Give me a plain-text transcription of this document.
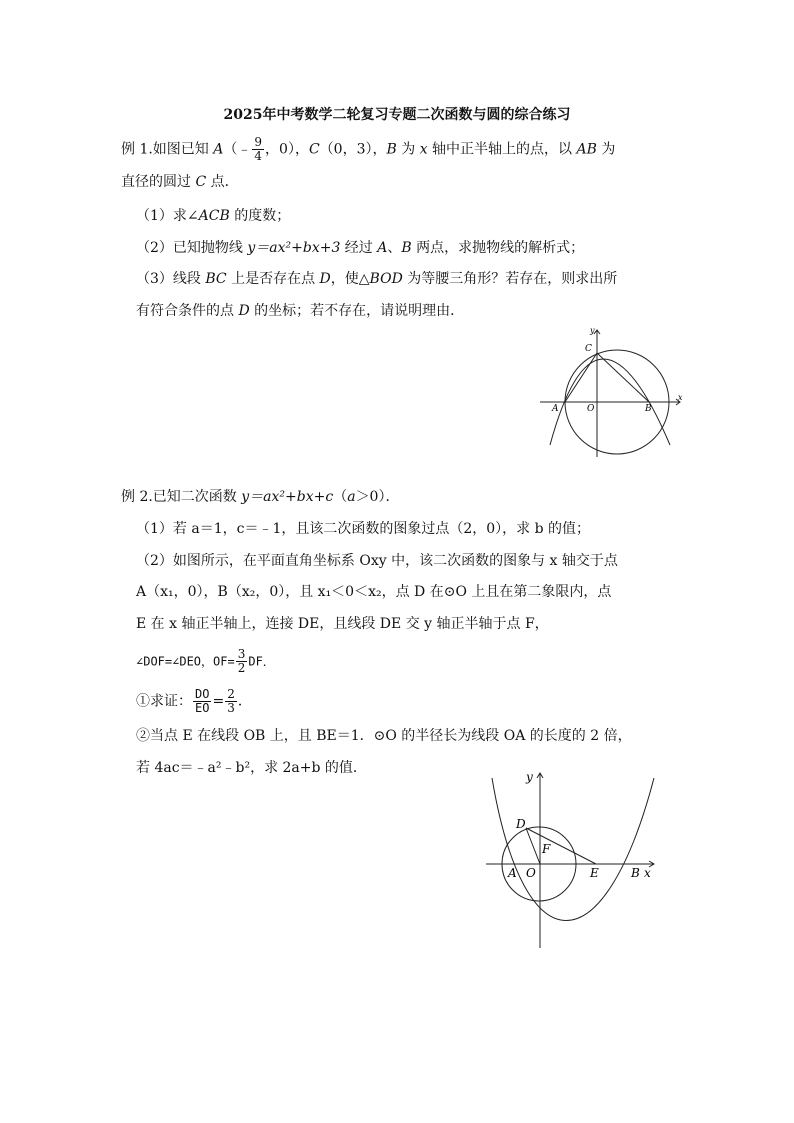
2025年中考数学二轮复习专题二次函数与圆的综合练习
例 1.如图已知 A（﹣ $\frac{9}{4}$ ，0），C（0，3），B 为 x 轴中正半轴上的点，以 AB 为
直径的圆过 C 点．
（1）求∠ACB 的度数；
（2）已知抛物线 y＝ax²+bx+3 经过 A、B 两点，求抛物线的解析式；
（3）线段 BC 上是否存在点 D，使△BOD 为等腰三角形？若存在，则求出所
有符合条件的点 D 的坐标；若不存在，请说明理由．
A	O	B
C
x
y
例 2.已知二次函数 y＝ax²+bx+c（a＞0）．
（1）若 a＝1，c＝﹣1，且该二次函数的图象过点（2，0），求 b 的值；
（2）如图所示，在平面直角坐标系 Oxy 中，该二次函数的图象与 x 轴交于点
A（x₁，0），B（x₂，0），且 x₁＜0＜x₂，点 D 在⊙O 上且在第二象限内，点
E 在 x 轴正半轴上，连接 DE，且线段 DE 交 y 轴正半轴于点 F，
∠DOF=∠DEO，$OF= \frac{3}{2}$ DF．
①求证： $\frac{DO}{EO} = \frac{2}{3}$ ．
②当点 E 在线段 OB 上，且 BE＝1．⊙O 的半径长为线段 OA 的长度的 2 倍，
若 4ac＝﹣a²﹣b²，求 2a+b 的值．
D
F
A O	E	B x
y
